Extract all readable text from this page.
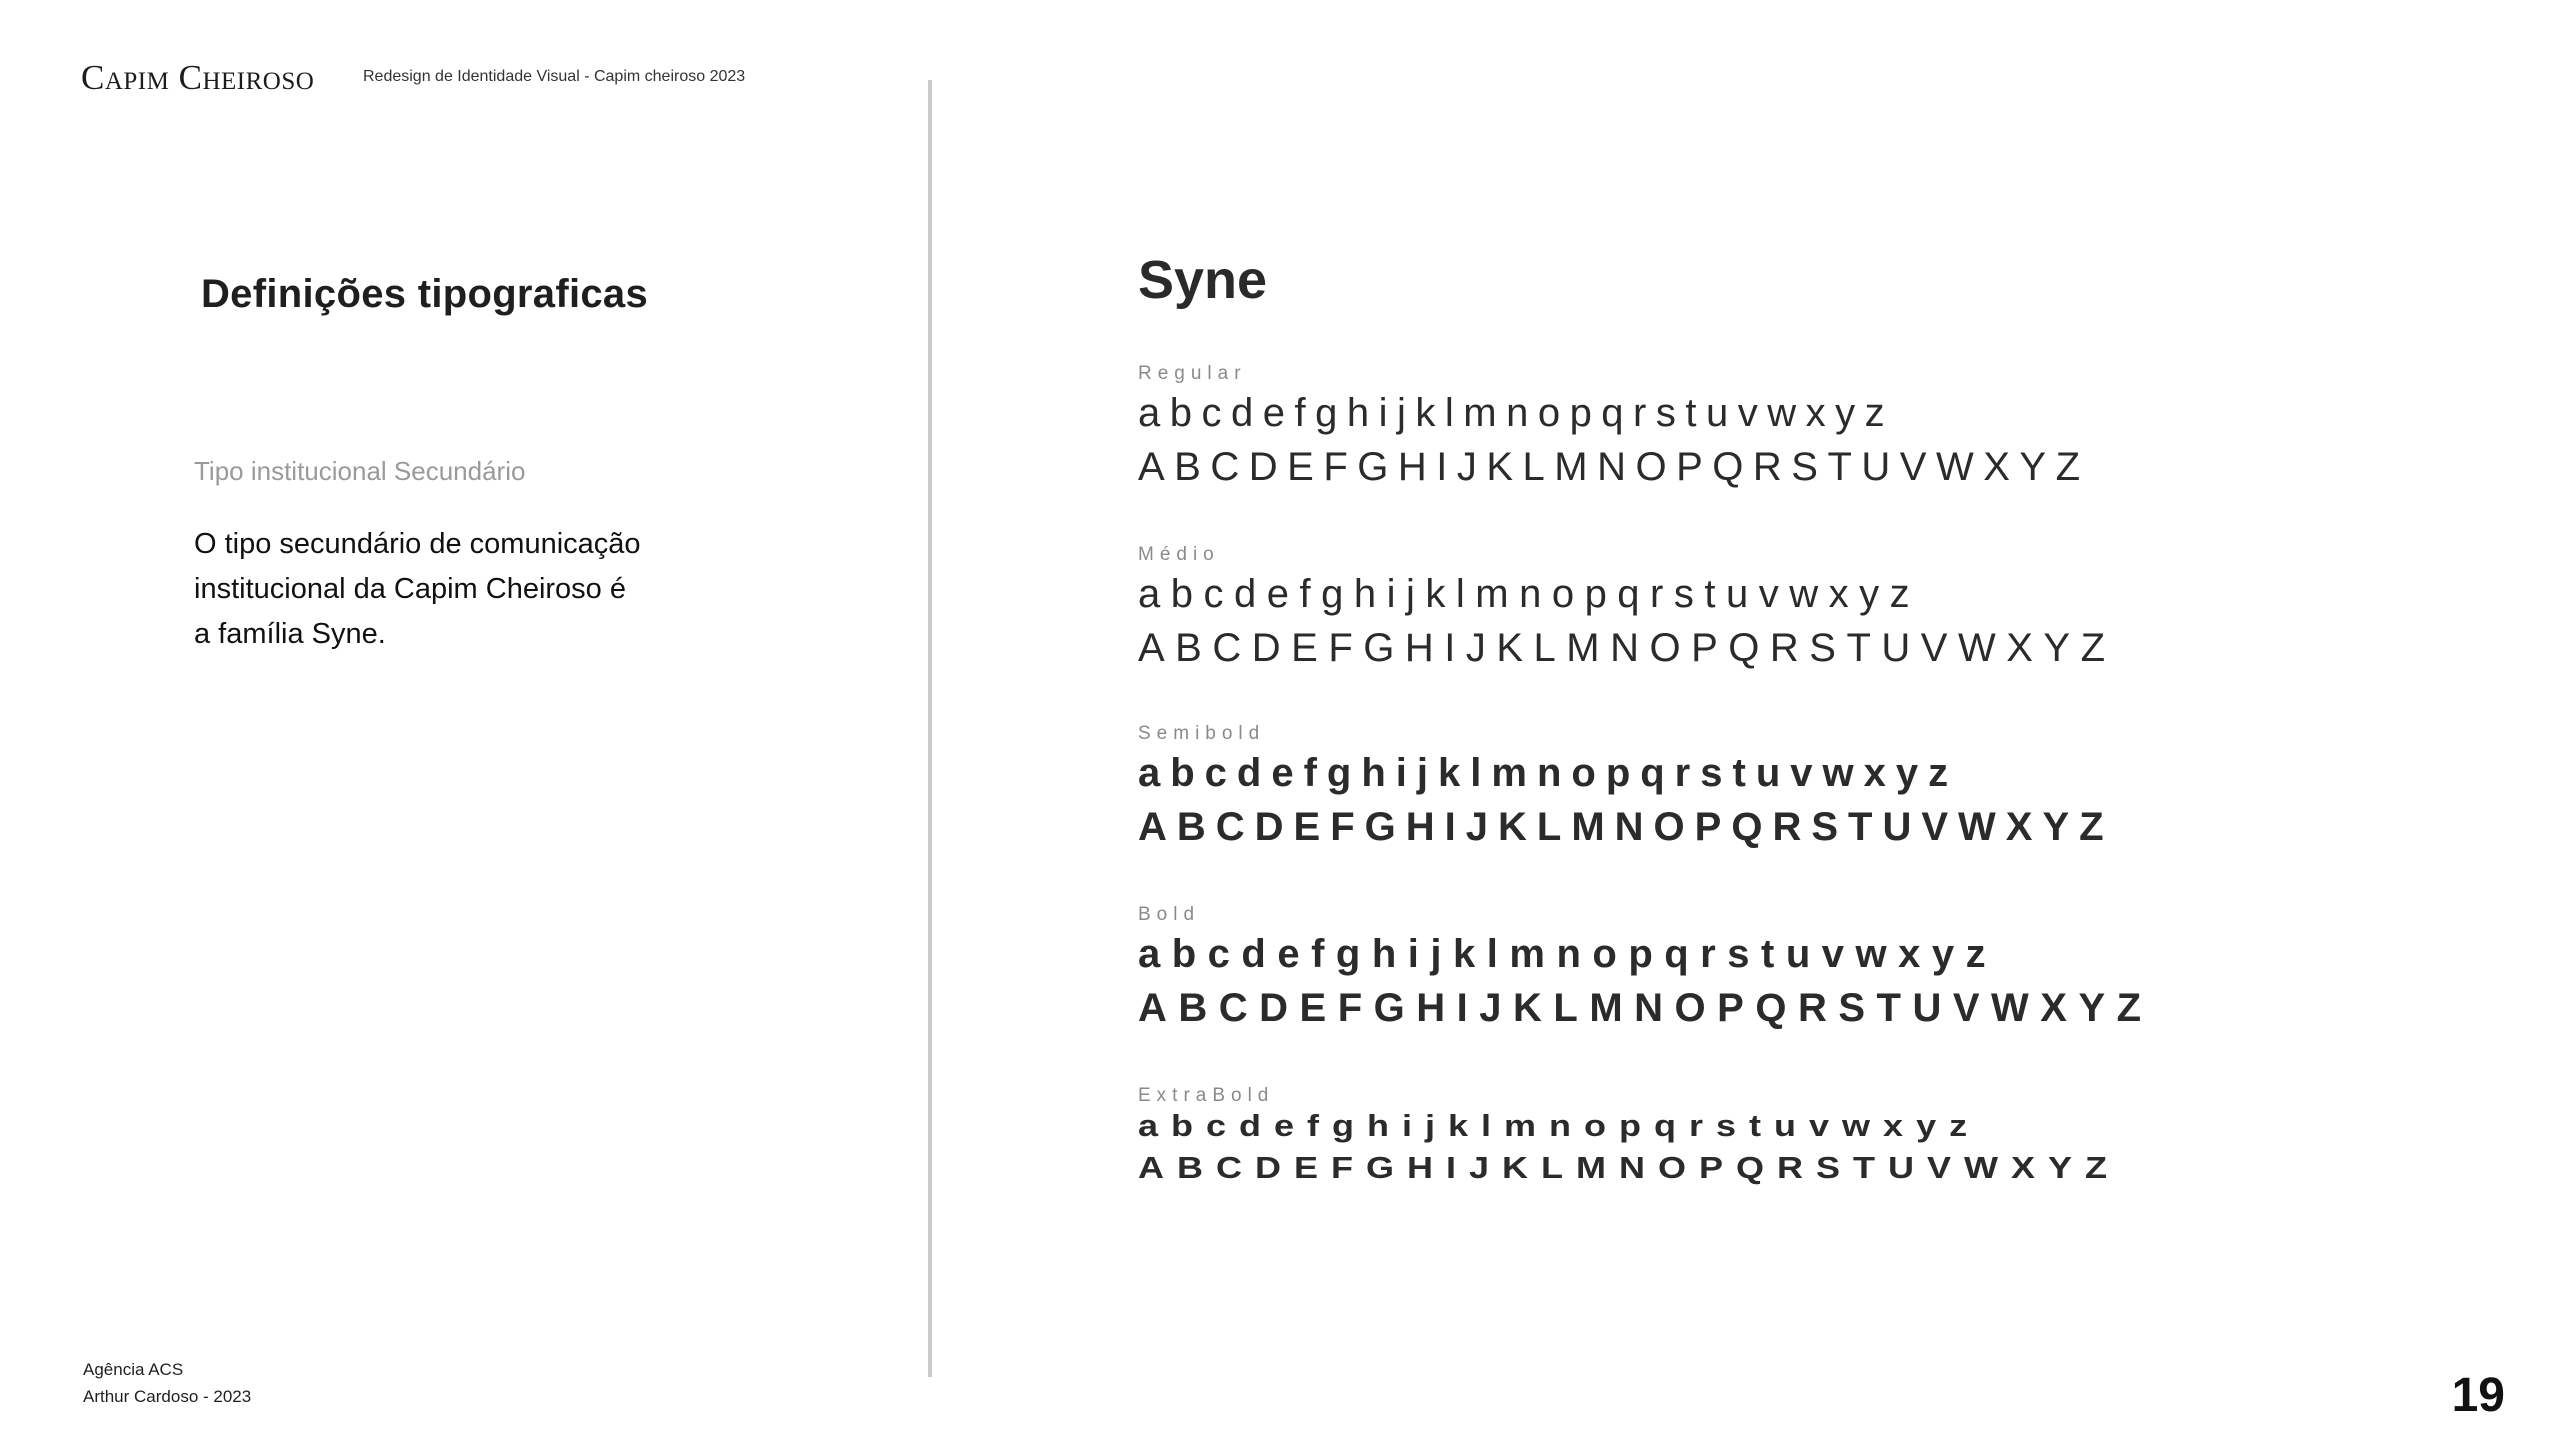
Capim Cheiroso	Redesign de Identidade Visual - Capim cheiroso 2023
Definições tipograficas
Tipo institucional Secundário
O tipo secundário de comunicação
institucional da Capim Cheiroso é
a família Syne.
Syne
Regular
abcdefghijklmnopqrstuvwxyz
ABCDEFGHIJKLMNOPQRSTUVWXYZ
Médio
abcdefghijklmnopqrstuvwxyz
ABCDEFGHIJKLMNOPQRSTUVWXYZ
Semibold
abcdefghijklmnopqrstuvwxyz
ABCDEFGHIJKLMNOPQRSTUVWXYZ
Bold
abcdefghijklmnopqrstuvwxyz
ABCDEFGHIJKLMNOPQRSTUVWXYZ
ExtraBold
abcdefghijklmnopqrstuvwxyz
ABCDEFGHIJKLMNOPQRSTUVWXYZ
Agência ACS
Arthur Cardoso - 2023	19
